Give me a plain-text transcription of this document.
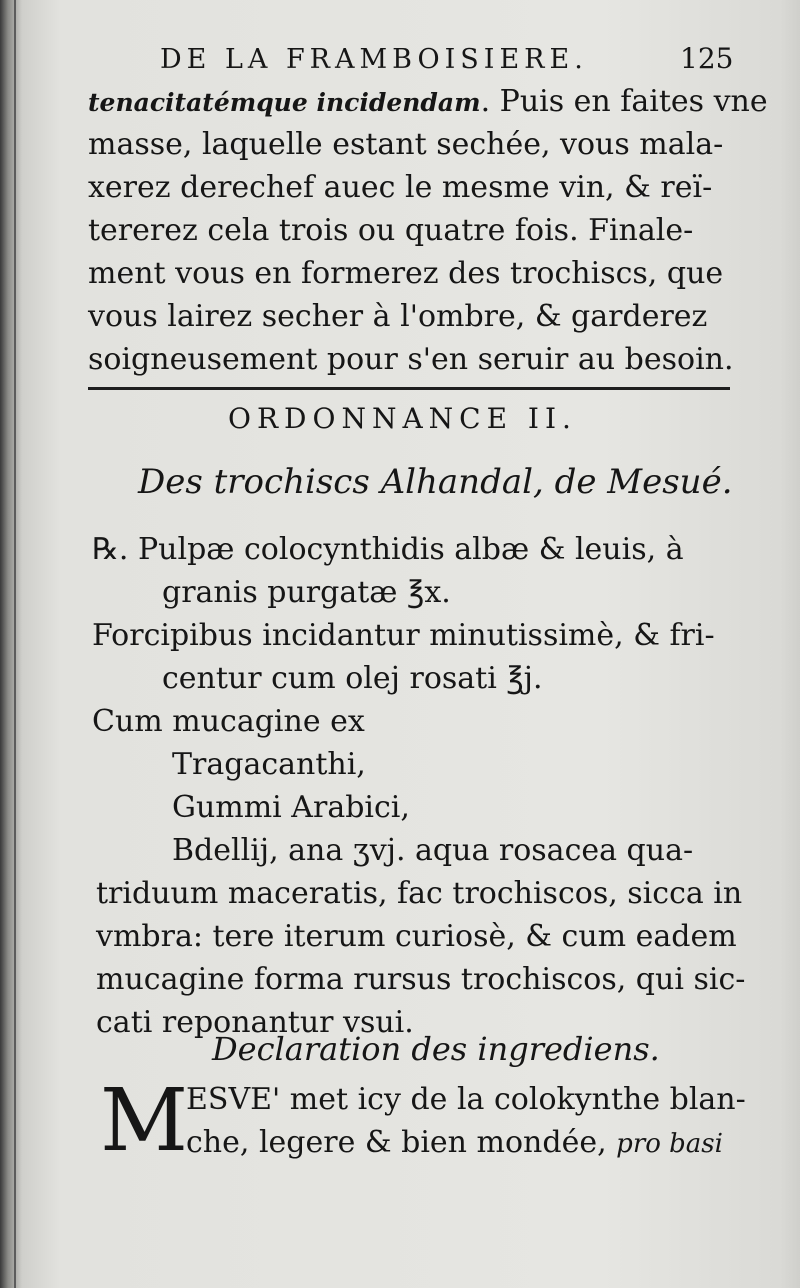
DE LA FRAMBOISIERE.	125
tenacitatémque incidendam. Puis en faites vne
masse, laquelle estant sechée, vous mala-
xerez derechef auec le mesme vin, & reï-
tererez cela trois ou quatre fois. Finale-
ment vous en formerez des trochiscs, que
vous lairez secher à l'ombre, & garderez
soigneusement pour s'en seruir au besoin.
ORDONNANCE II.
Des trochiscs Alhandal, de Mesué.
℞. Pulpæ colocynthidis albæ & leuis, à
granis purgatæ ℥x.
Forcipibus incidantur minutissimè, & fri-
centur cum olej rosati ℥j.
Cum mucagine ex
Tragacanthi,
Gummi Arabici,
Bdellij, ana ʒvj. aqua rosacea qua-
triduum maceratis, fac trochiscos, sicca in
vmbra: tere iterum curiosè, & cum eadem
mucagine forma rursus trochiscos, qui sic-
cati reponantur vsui.
Declaration des ingrediens.
M
ESVE' met icy de la colokynthe blan-
che, legere & bien mondée, pro basi
